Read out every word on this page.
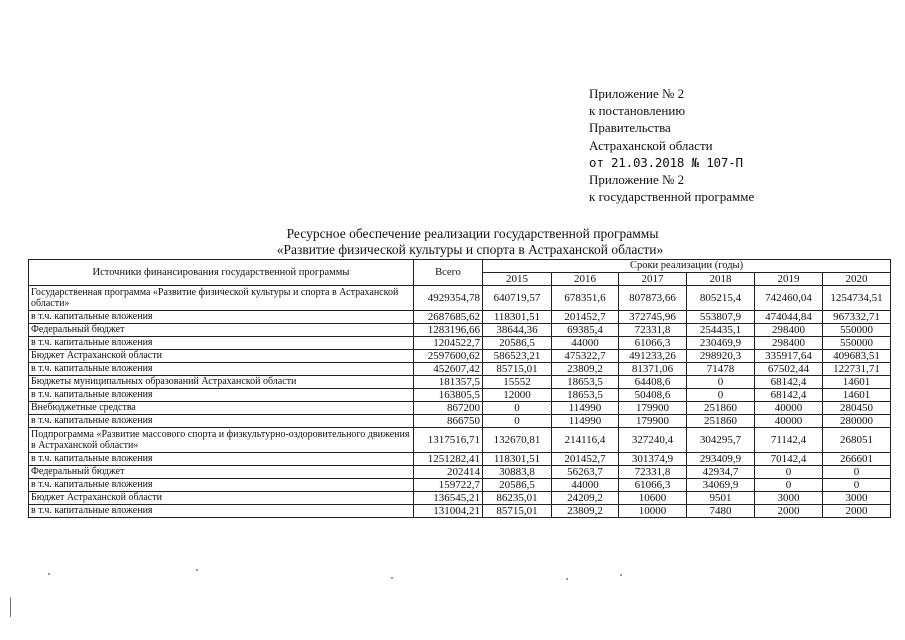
Приложение № 2
к постановлению
Правительства
Астраханской области
от 21.03.2018 № 107-П
Приложение № 2
к государственной программе
Ресурсное обеспечение реализации государственной программы
«Развитие физической культуры и спорта в Астраханской области»
Источники финансирования государственной программы	Всего	Сроки реализации (годы)					
		2015	2016	2017	2018	2019	2020
Государственная программа «Развитие физической культуры и спорта в Астраханской области»	4929354,78	640719,57	678351,6	807873,66	805215,4	742460,04	1254734,51
в т.ч. капитальные вложения	2687685,62	118301,51	201452,7	372745,96	553807,9	474044,84	967332,71
Федеральный бюджет	1283196,66	38644,36	69385,4	72331,8	254435,1	298400	550000
в т.ч. капитальные вложения	1204522,7	20586,5	44000	61066,3	230469,9	298400	550000
Бюджет Астраханской области	2597600,62	586523,21	475322,7	491233,26	298920,3	335917,64	409683,51
в т.ч. капитальные вложения	452607,42	85715,01	23809,2	81371,06	71478	67502,44	122731,71
Бюджеты муниципальных образований Астраханской области	181357,5	15552	18653,5	64408,6	0	68142,4	14601
в т.ч. капитальные вложения	163805,5	12000	18653,5	50408,6	0	68142,4	14601
Внебюджетные средства	867200	0	114990	179900	251860	40000	280450
в т.ч. капитальные вложения	866750	0	114990	179900	251860	40000	280000
Подпрограмма «Развитие массового спорта и физкультурно-оздоровительного движения в Астраханской области»	1317516,71	132670,81	214116,4	327240,4	304295,7	71142,4	268051
в т.ч. капитальные вложения	1251282,41	118301,51	201452,7	301374,9	293409,9	70142,4	266601
Федеральный бюджет	202414	30883,8	56263,7	72331,8	42934,7	0	0
в т.ч. капитальные вложения	159722,7	20586,5	44000	61066,3	34069,9	0	0
Бюджет Астраханской области	136545,21	86235,01	24209,2	10600	9501	3000	3000
в т.ч. капитальные вложения	131004,21	85715,01	23809,2	10000	7480	2000	2000
